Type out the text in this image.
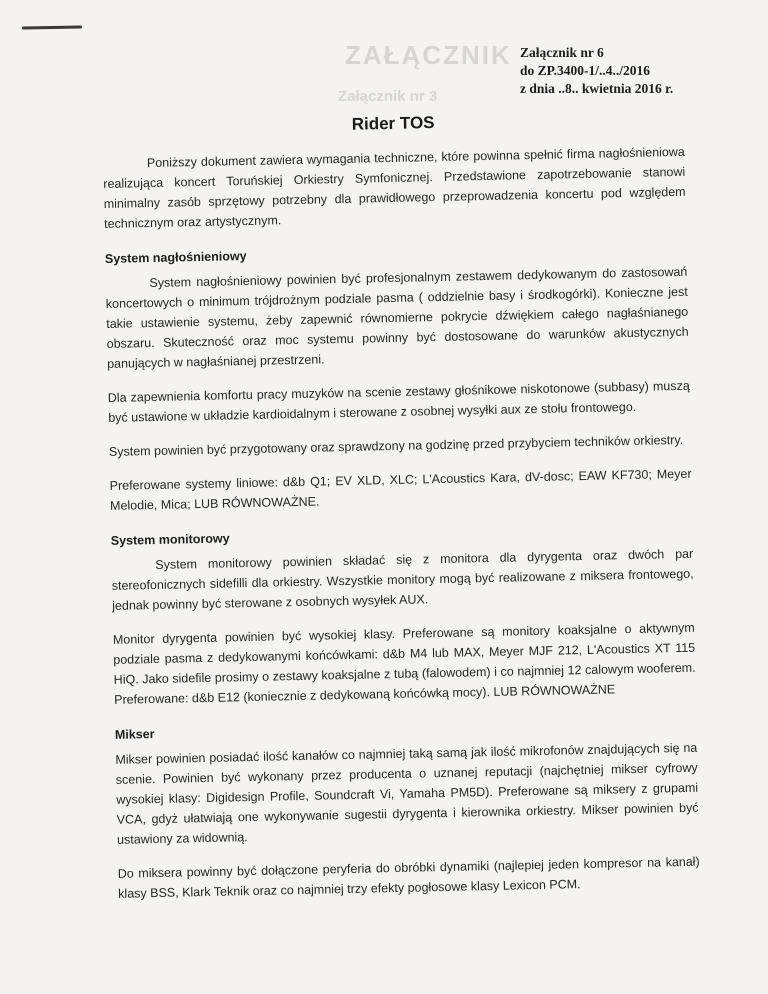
ZAŁĄCZNIK
Załącznik nr 3
Załącznik nr 6
do ZP.3400-1/..4../2016
z dnia ..8.. kwietnia 2016 r.
Rider TOS

Poniższy dokument zawiera wymagania techniczne, które powinna spełnić firma nagłośnieniowa realizująca koncert Toruńskiej Orkiestry Symfonicznej. Przedstawione zapotrzebowanie stanowi minimalny zasób sprzętowy potrzebny dla prawidłowego przeprowadzenia koncertu pod względem technicznym oraz artystycznym.

System nagłośnieniowy

System nagłośnieniowy powinien być profesjonalnym zestawem dedykowanym do zastosowań koncertowych o minimum trójdrożnym podziale pasma ( oddzielnie basy i środkogórki). Konieczne jest takie ustawienie systemu, żeby zapewnić równomierne pokrycie dźwiękiem całego nagłaśnianego obszaru. Skuteczność oraz moc systemu powinny być dostosowane do warunków akustycznych panujących w nagłaśnianej przestrzeni.

Dla zapewnienia komfortu pracy muzyków na scenie zestawy głośnikowe niskotonowe (subbasy) muszą być ustawione w układzie kardioidalnym i sterowane z osobnej wysyłki aux ze stołu frontowego.

System powinien być przygotowany oraz sprawdzony na godzinę przed przybyciem techników orkiestry.

Preferowane systemy liniowe: d&b Q1; EV XLD, XLC; L'Acoustics Kara, dV-dosc; EAW KF730; Meyer Melodie, Mica; LUB RÓWNOWAŻNE.

System monitorowy

System monitorowy powinien składać się z monitora dla dyrygenta oraz dwóch par stereofonicznych sidefilli dla orkiestry. Wszystkie monitory mogą być realizowane z miksera frontowego, jednak powinny być sterowane z osobnych wysyłek AUX.

Monitor dyrygenta powinien być wysokiej klasy. Preferowane są monitory koaksjalne o aktywnym podziale pasma z dedykowanymi końcówkami: d&b M4 lub MAX, Meyer MJF 212, L'Acoustics XT 115 HiQ. Jako sidefile prosimy o zestawy koaksjalne z tubą (falowodem) i co najmniej 12 calowym wooferem. Preferowane: d&b E12 (koniecznie z dedykowaną końcówką mocy). LUB RÓWNOWAŻNE

Mikser

Mikser powinien posiadać ilość kanałów co najmniej taką samą jak ilość mikrofonów znajdujących się na scenie. Powinien być wykonany przez producenta o uznanej reputacji (najchętniej mikser cyfrowy wysokiej klasy: Digidesign Profile, Soundcraft Vi, Yamaha PM5D). Preferowane są miksery z grupami VCA, gdyż ułatwiają one wykonywanie sugestii dyrygenta i kierownika orkiestry. Mikser powinien być ustawiony za widownią.

Do miksera powinny być dołączone peryferia do obróbki dynamiki (najlepiej jeden kompresor na kanał) klasy BSS, Klark Teknik oraz co najmniej trzy efekty pogłosowe klasy Lexicon PCM.
